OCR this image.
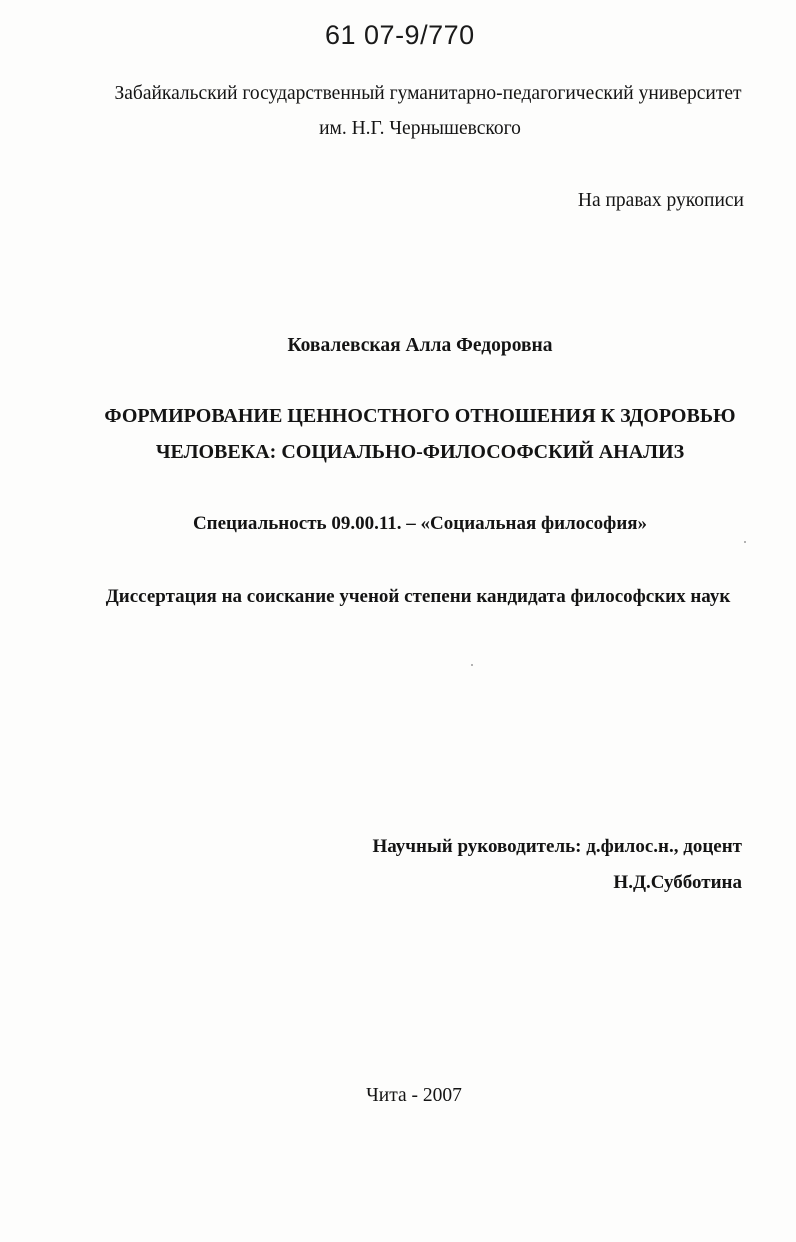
61 07-9/770
Забайкальский государственный гуманитарно-педагогический университет
им. Н.Г. Чернышевского
На правах рукописи
Ковалевская Алла Федоровна
ФОРМИРОВАНИЕ ЦЕННОСТНОГО ОТНОШЕНИЯ К ЗДОРОВЬЮ
ЧЕЛОВЕКА: СОЦИАЛЬНО-ФИЛОСОФСКИЙ АНАЛИЗ
Специальность 09.00.11. – «Социальная философия»
Диссертация на соискание ученой степени кандидата философских наук
Научный руководитель: д.филос.н., доцент
Н.Д.Субботина
Чита - 2007
